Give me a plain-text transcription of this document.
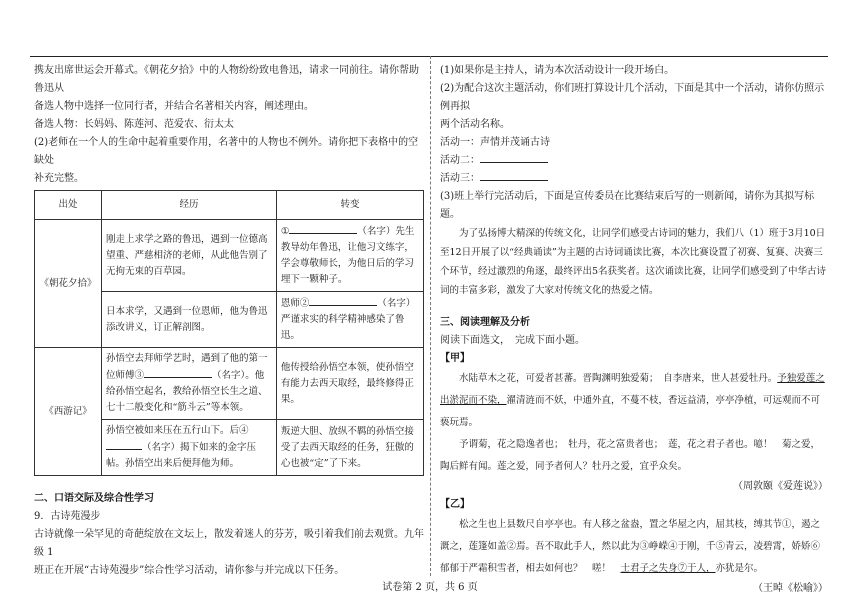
携友出席世运会开幕式。《朝花夕拾》中的人物纷纷致电鲁迅，请求一同前往。请你帮助鲁迅从

备选人物中选择一位同行者，并结合名著相关内容，阐述理由。

备选人物：长妈妈、陈莲河、范爱农、衍太太

(2)老师在一个人的生命中起着重要作用，名著中的人物也不例外。请你把下表格中的空缺处

补充完整。

出处	经历	转变
《朝花夕拾》	刚走上求学之路的鲁迅，遇到一位德高望重、严慈相济的老师，从此他告别了无拘无束的百草园。	① （名字）先生教导幼年鲁迅，让他习文练字，学会尊敬师长，为他日后的学习埋下一颗种子。
	日本求学，又遇到一位恩师，他为鲁迅添改讲义，订正解剖图。	恩师② （名字）严谨求实的科学精神感染了鲁迅。
《西游记》	孙悟空去拜师学艺时，遇到了他的第一位师傅③ （名字）。他给孙悟空起名，教给孙悟空长生之道、七十二般变化和“筋斗云”等本领。	他传授给孙悟空本领，使孙悟空有能力去西天取经，最终修得正果。
	孙悟空被如来压在五行山下。后④（名字）揭下如来的金字压帖。孙悟空出来后便拜他为师。	叛逆大胆、放纵不羁的孙悟空接受了去西天取经的任务，狂傲的心也被“定”了下来。

二、口语交际及综合性学习

9．古诗苑漫步

古诗就像一朵罕见的奇葩绽放在文坛上，散发着迷人的芬芳，吸引着我们前去观赏。九年级 1

班正在开展“古诗苑漫步”综合性学习活动，请你参与并完成以下任务。

(1)如果你是主持人，请为本次活动设计一段开场白。

(2)为配合这次主题活动，你们班打算设计几个活动，下面是其中一个活动，请你仿照示例再拟

两个活动名称。

活动一：声情并茂诵古诗

活动二：

活动三：

(3)班上举行完活动后，下面是宣传委员在比赛结束后写的一则新闻，请你为其拟写标题。

为了弘扬博大精深的传统文化，让同学们感受古诗词的魅力，我们八（1）班于3月10日至12日开展了以“经典诵读”为主题的古诗词诵读比赛，本次比赛设置了初赛、复赛、决赛三个环节，经过激烈的角逐，最终评出5名获奖者。这次诵读比赛，让同学们感受到了中华古诗词的丰富多彩，激发了大家对传统文化的热爱之情。

三、阅读理解及分析

阅读下面选文，　完成下面小题。

【甲】

水陆草木之花，可爱者甚蕃。晋陶渊明独爱菊；　自李唐来，世人甚爱牡丹。予独爱莲之出淤泥而不染，濯清涟而不妖，中通外直，不蔓不枝，香远益清，亭亭净植，可远观而不可亵玩焉。

予谓菊，花之隐逸者也；　牡丹，花之富贵者也；　莲，花之君子者也。噫！　菊之爱，陶后鲜有闻。莲之爱，同予者何人？牡丹之爱，宜乎众矣。

（周敦颐《爱莲说》）

【乙】

松之生也上县数尺自亭亭也。有人移之盆盎，置之华屋之内，屈其枝，缚其节①，遏之溉之，莲篷如盖②焉。吾不取此手人，然以此为③峥嵘④于刚，千⑤青云，凌碧霄，娇娇⑥郁郁于严霜积雪者，相去如何也？　嗟！　士君子之失身⑦于人，亦犹是尔。

（王晫《松喻》）

试卷第 2 页，共 6 页
